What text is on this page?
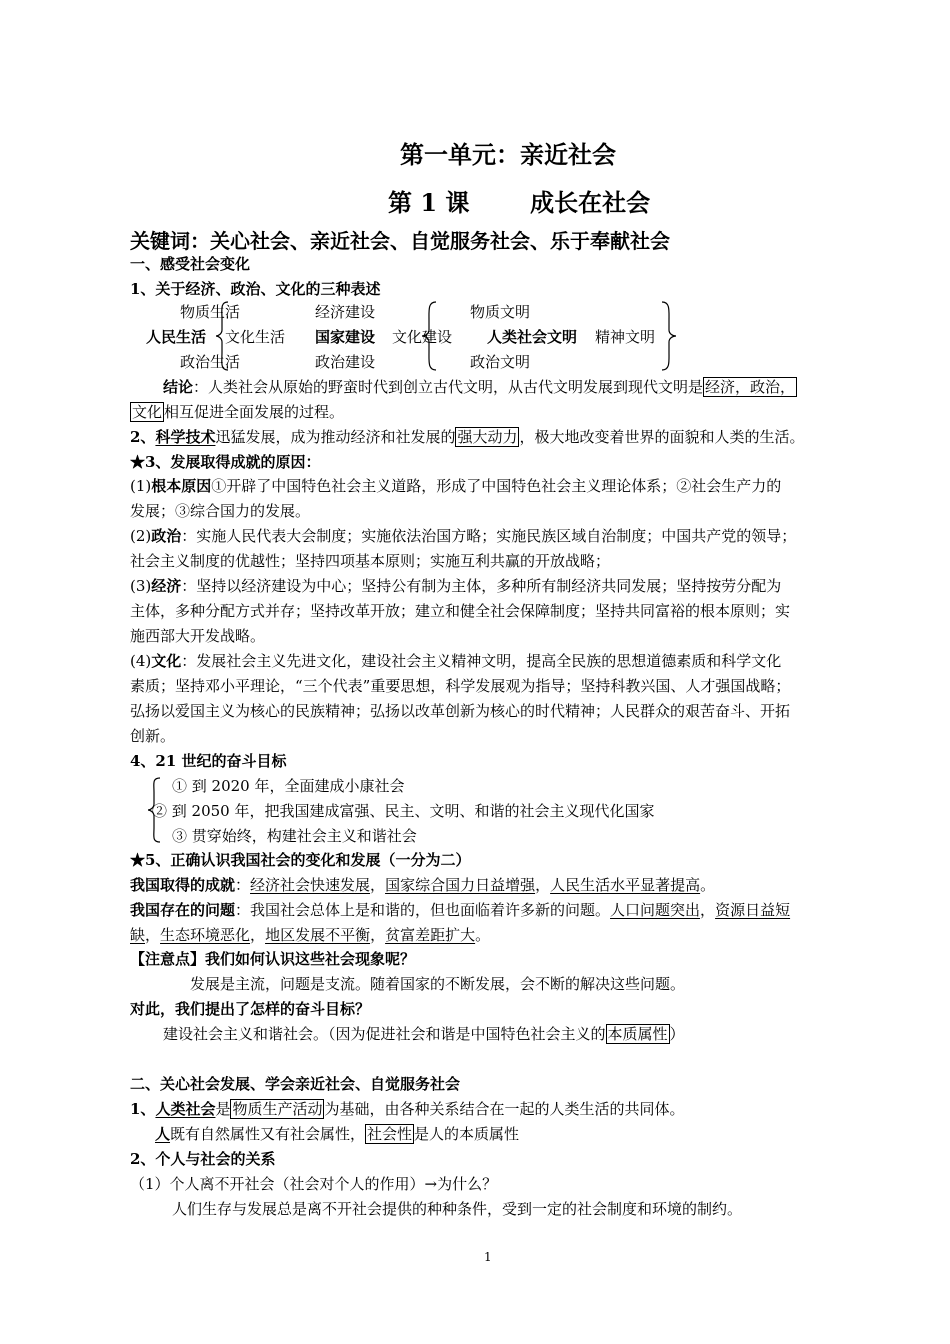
第一单元：亲近社会
第 1 课	成长在社会
关键词：关心社会、亲近社会、自觉服务社会、乐于奉献社会
一、感受社会变化
1、关于经济、政治、文化的三种表述
物质生活
人民生活 文化生活
政治生活
经济建设
国家建设 文化建设
政治建设
物质文明
人类社会文明 精神文明
政治文明
结论：人类社会从原始的野蛮时代到创立古代文明，从古代文明发展到现代文明是 经济，政治，
文化 相互促进全面发展的过程。
2、科学技术迅猛发展，成为推动经济和社发展的 强大动力 ，极大地改变着世界的面貌和人类的生活。
★3、发展取得成就的原因：
(1)根本原因①开辟了中国特色社会主义道路，形成了中国特色社会主义理论体系；②社会生产力的
发展；③综合国力的发展。
(2)政治：实施人民代表大会制度；实施依法治国方略；实施民族区域自治制度；中国共产党的领导；
社会主义制度的优越性；坚持四项基本原则；实施互利共赢的开放战略；
(3)经济：坚持以经济建设为中心；坚持公有制为主体，多种所有制经济共同发展；坚持按劳分配为
主体，多种分配方式并存；坚持改革开放；建立和健全社会保障制度；坚持共同富裕的根本原则；实
施西部大开发战略。
(4)文化：发展社会主义先进文化，建设社会主义精神文明，提高全民族的思想道德素质和科学文化
素质；坚持邓小平理论，“三个代表”重要思想，科学发展观为指导；坚持科教兴国、人才强国战略；
弘扬以爱国主义为核心的民族精神；弘扬以改革创新为核心的时代精神；人民群众的艰苦奋斗、开拓
创新。
4、21 世纪的奋斗目标
① 到 2020 年，全面建成小康社会
② 到 2050 年，把我国建成富强、民主、文明、和谐的社会主义现代化国家
③ 贯穿始终，构建社会主义和谐社会
★5、正确认识我国社会的变化和发展（一分为二）
我国取得的成就：经济社会快速发展，国家综合国力日益增强，人民生活水平显著提高。
我国存在的问题：我国社会总体上是和谐的，但也面临着许多新的问题。人口问题突出，资源日益短
缺，生态环境恶化，地区发展不平衡，贫富差距扩大。
【注意点】我们如何认识这些社会现象呢？
发展是主流，问题是支流。随着国家的不断发展，会不断的解决这些问题。
对此，我们提出了怎样的奋斗目标？
建设社会主义和谐社会。（因为促进社会和谐是中国特色社会主义的 本质属性 ）
二、关心社会发展、学会亲近社会、自觉服务社会
1、人类社会是 物质生产活动 为基础，由各种关系结合在一起的人类生活的共同体。
人既有自然属性又有社会属性， 社会性 是人的本质属性
2、个人与社会的关系
（1）个人离不开社会（社会对个人的作用）→为什么？
人们生存与发展总是离不开社会提供的种种条件，受到一定的社会制度和环境的制约。
1
